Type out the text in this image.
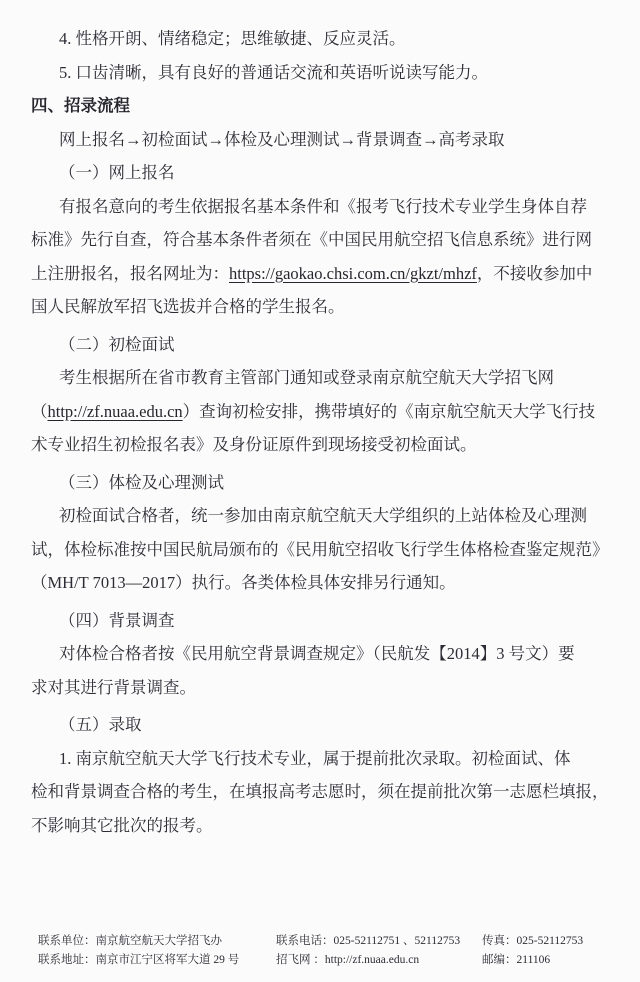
4. 性格开朗、情绪稳定；思维敏捷、反应灵活。
5. 口齿清晰，具有良好的普通话交流和英语听说读写能力。
四、招录流程
网上报名→初检面试→体检及心理测试→背景调查→高考录取
（一）网上报名
有报名意向的考生依据报名基本条件和《报考飞行技术专业学生身体自荐
标准》先行自查，符合基本条件者须在《中国民用航空招飞信息系统》进行网
上注册报名，报名网址为：https://gaokao.chsi.com.cn/gkzt/mhzf，不接收参加中
国人民解放军招飞选拔并合格的学生报名。
（二）初检面试
考生根据所在省市教育主管部门通知或登录南京航空航天大学招飞网
（http://zf.nuaa.edu.cn）查询初检安排，携带填好的《南京航空航天大学飞行技
术专业招生初检报名表》及身份证原件到现场接受初检面试。
（三）体检及心理测试
初检面试合格者，统一参加由南京航空航天大学组织的上站体检及心理测
试，体检标准按中国民航局颁布的《民用航空招收飞行学生体格检查鉴定规范》
（MH/T 7013—2017）执行。各类体检具体安排另行通知。
（四）背景调查
对体检合格者按《民用航空背景调查规定》（民航发【2014】3 号文）要
求对其进行背景调查。
（五）录取
1. 南京航空航天大学飞行技术专业，属于提前批次录取。初检面试、体
检和背景调查合格的考生，在填报高考志愿时，须在提前批次第一志愿栏填报，
不影响其它批次的报考。
联系单位：南京航空航天大学招飞办
联系地址：南京市江宁区将军大道 29 号
联系电话：025-52112751 、52112753
招飞网 ：http://zf.nuaa.edu.cn
传真：025-52112753
邮编：211106
